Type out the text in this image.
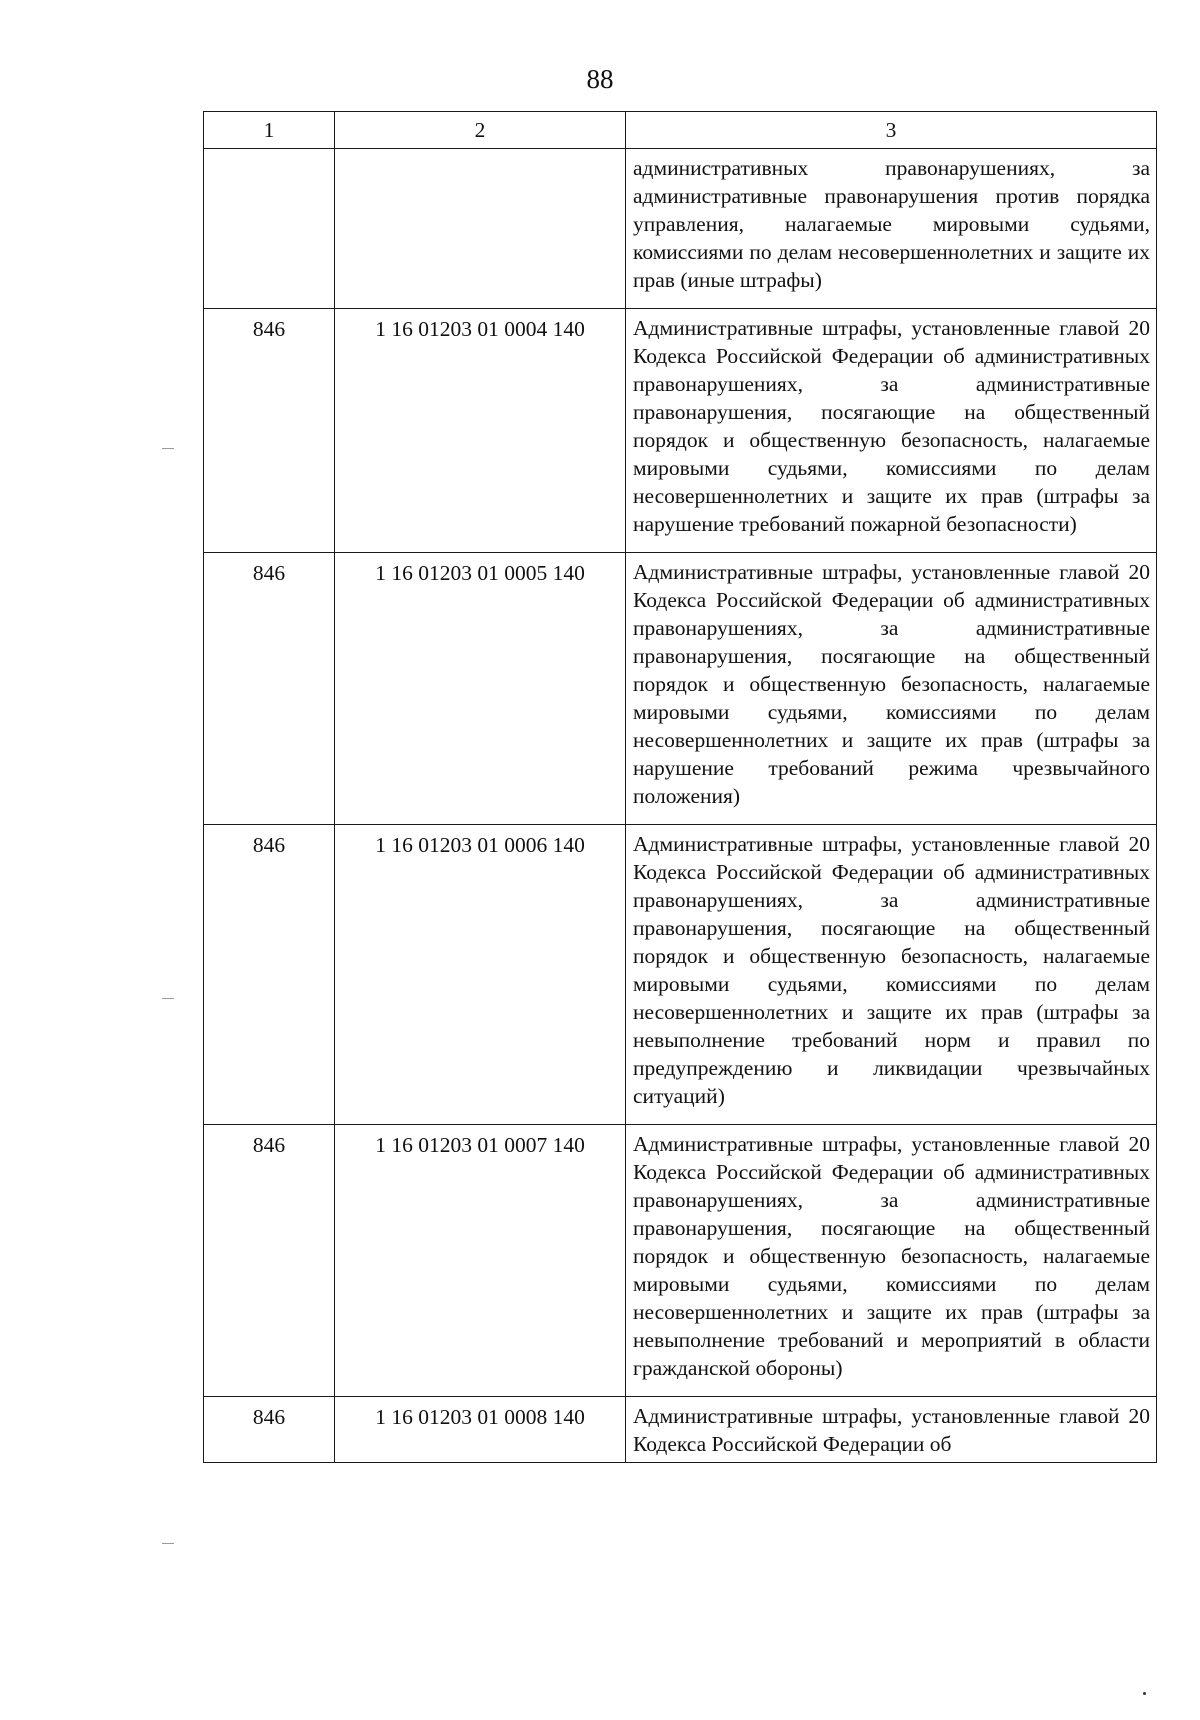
88
1	2	3

		административных правонарушениях, за административные правонарушения против порядка управления, налагаемые мировыми судьями, комиссиями по делам несовершеннолетних и защите их прав (иные штрафы)

846	1 16 01203 01 0004 140	Административные штрафы, установленные главой 20 Кодекса Российской Федерации об административных правонарушениях, за административные правонарушения, посягающие на общественный порядок и общественную безопасность, налагаемые мировыми судьями, комиссиями по делам несовершеннолетних и защите их прав (штрафы за нарушение требований пожарной безопасности)

846	1 16 01203 01 0005 140	Административные штрафы, установленные главой 20 Кодекса Российской Федерации об административных правонарушениях, за административные правонарушения, посягающие на общественный порядок и общественную безопасность, налагаемые мировыми судьями, комиссиями по делам несовершеннолетних и защите их прав (штрафы за нарушение требований режима чрезвычайного положения)

846	1 16 01203 01 0006 140	Административные штрафы, установленные главой 20 Кодекса Российской Федерации об административных правонарушениях, за административные правонарушения, посягающие на общественный порядок и общественную безопасность, налагаемые мировыми судьями, комиссиями по делам несовершеннолетних и защите их прав (штрафы за невыполнение требований норм и правил по предупреждению и ликвидации чрезвычайных ситуаций)

846	1 16 01203 01 0007 140	Административные штрафы, установленные главой 20 Кодекса Российской Федерации об административных правонарушениях, за административные правонарушения, посягающие на общественный порядок и общественную безопасность, налагаемые мировыми судьями, комиссиями по делам несовершеннолетних и защите их прав (штрафы за невыполнение требований и мероприятий в области гражданской обороны)

846	1 16 01203 01 0008 140	Административные штрафы, установленные главой 20 Кодекса Российской Федерации об
